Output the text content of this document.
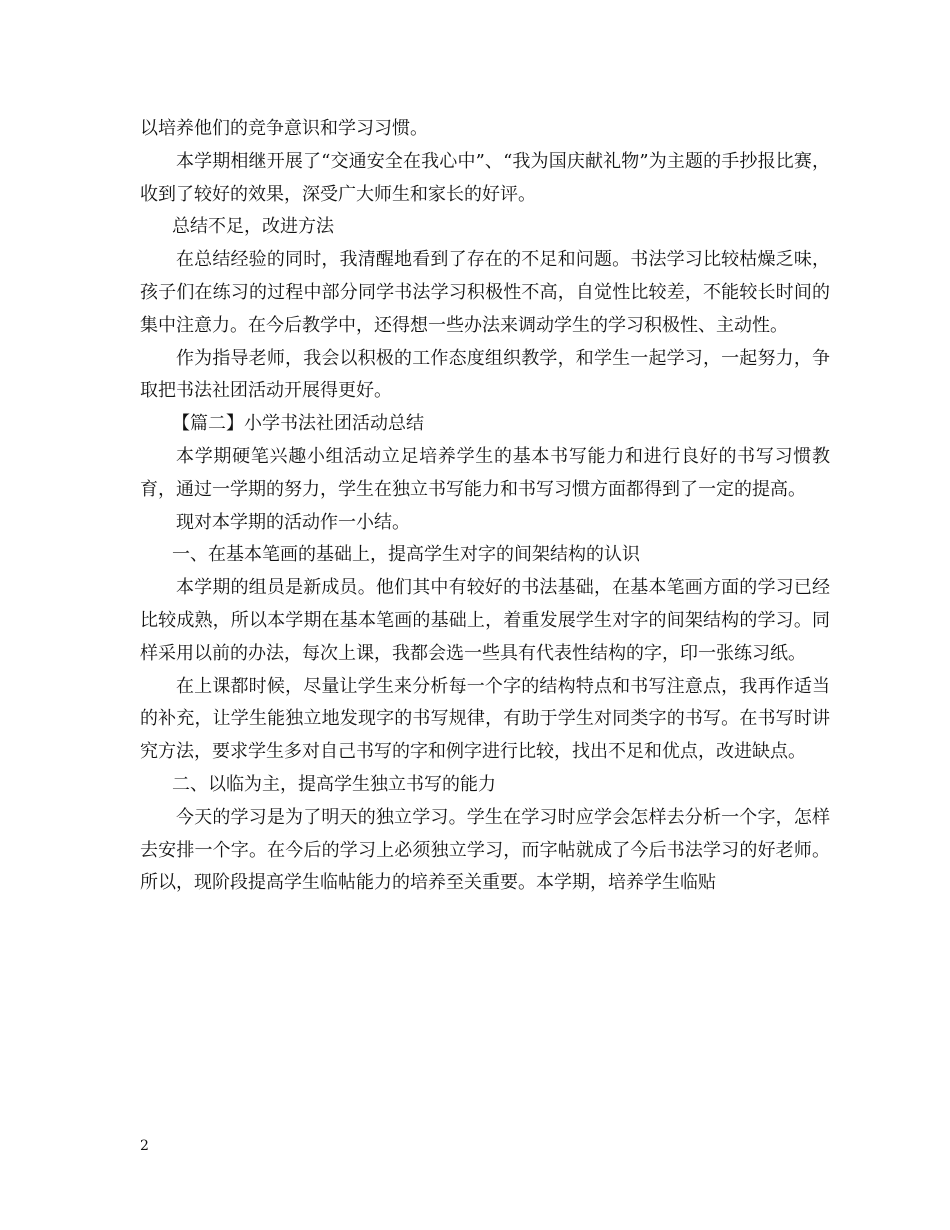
以培养他们的竞争意识和学习习惯。

本学期相继开展了“交通安全在我心中”、“我为国庆献礼物”为主题的手抄报比赛，收到了较好的效果，深受广大师生和家长的好评。

总结不足，改进方法

在总结经验的同时，我清醒地看到了存在的不足和问题。书法学习比较枯燥乏味，孩子们在练习的过程中部分同学书法学习积极性不高，自觉性比较差，不能较长时间的集中注意力。在今后教学中，还得想一些办法来调动学生的学习积极性、主动性。

作为指导老师，我会以积极的工作态度组织教学，和学生一起学习，一起努力，争取把书法社团活动开展得更好。

【篇二】小学书法社团活动总结

本学期硬笔兴趣小组活动立足培养学生的基本书写能力和进行良好的书写习惯教育，通过一学期的努力，学生在独立书写能力和书写习惯方面都得到了一定的提高。

现对本学期的活动作一小结。

一、在基本笔画的基础上，提高学生对字的间架结构的认识

本学期的组员是新成员。他们其中有较好的书法基础，在基本笔画方面的学习已经比较成熟，所以本学期在基本笔画的基础上，着重发展学生对字的间架结构的学习。同样采用以前的办法，每次上课，我都会选一些具有代表性结构的字，印一张练习纸。

在上课都时候，尽量让学生来分析每一个字的结构特点和书写注意点，我再作适当的补充，让学生能独立地发现字的书写规律，有助于学生对同类字的书写。在书写时讲究方法，要求学生多对自己书写的字和例字进行比较，找出不足和优点，改进缺点。

二、以临为主，提高学生独立书写的能力

今天的学习是为了明天的独立学习。学生在学习时应学会怎样去分析一个字，怎样去安排一个字。在今后的学习上必须独立学习，而字帖就成了今后书法学习的好老师。所以，现阶段提高学生临帖能力的培养至关重要。本学期，培养学生临贴

2
